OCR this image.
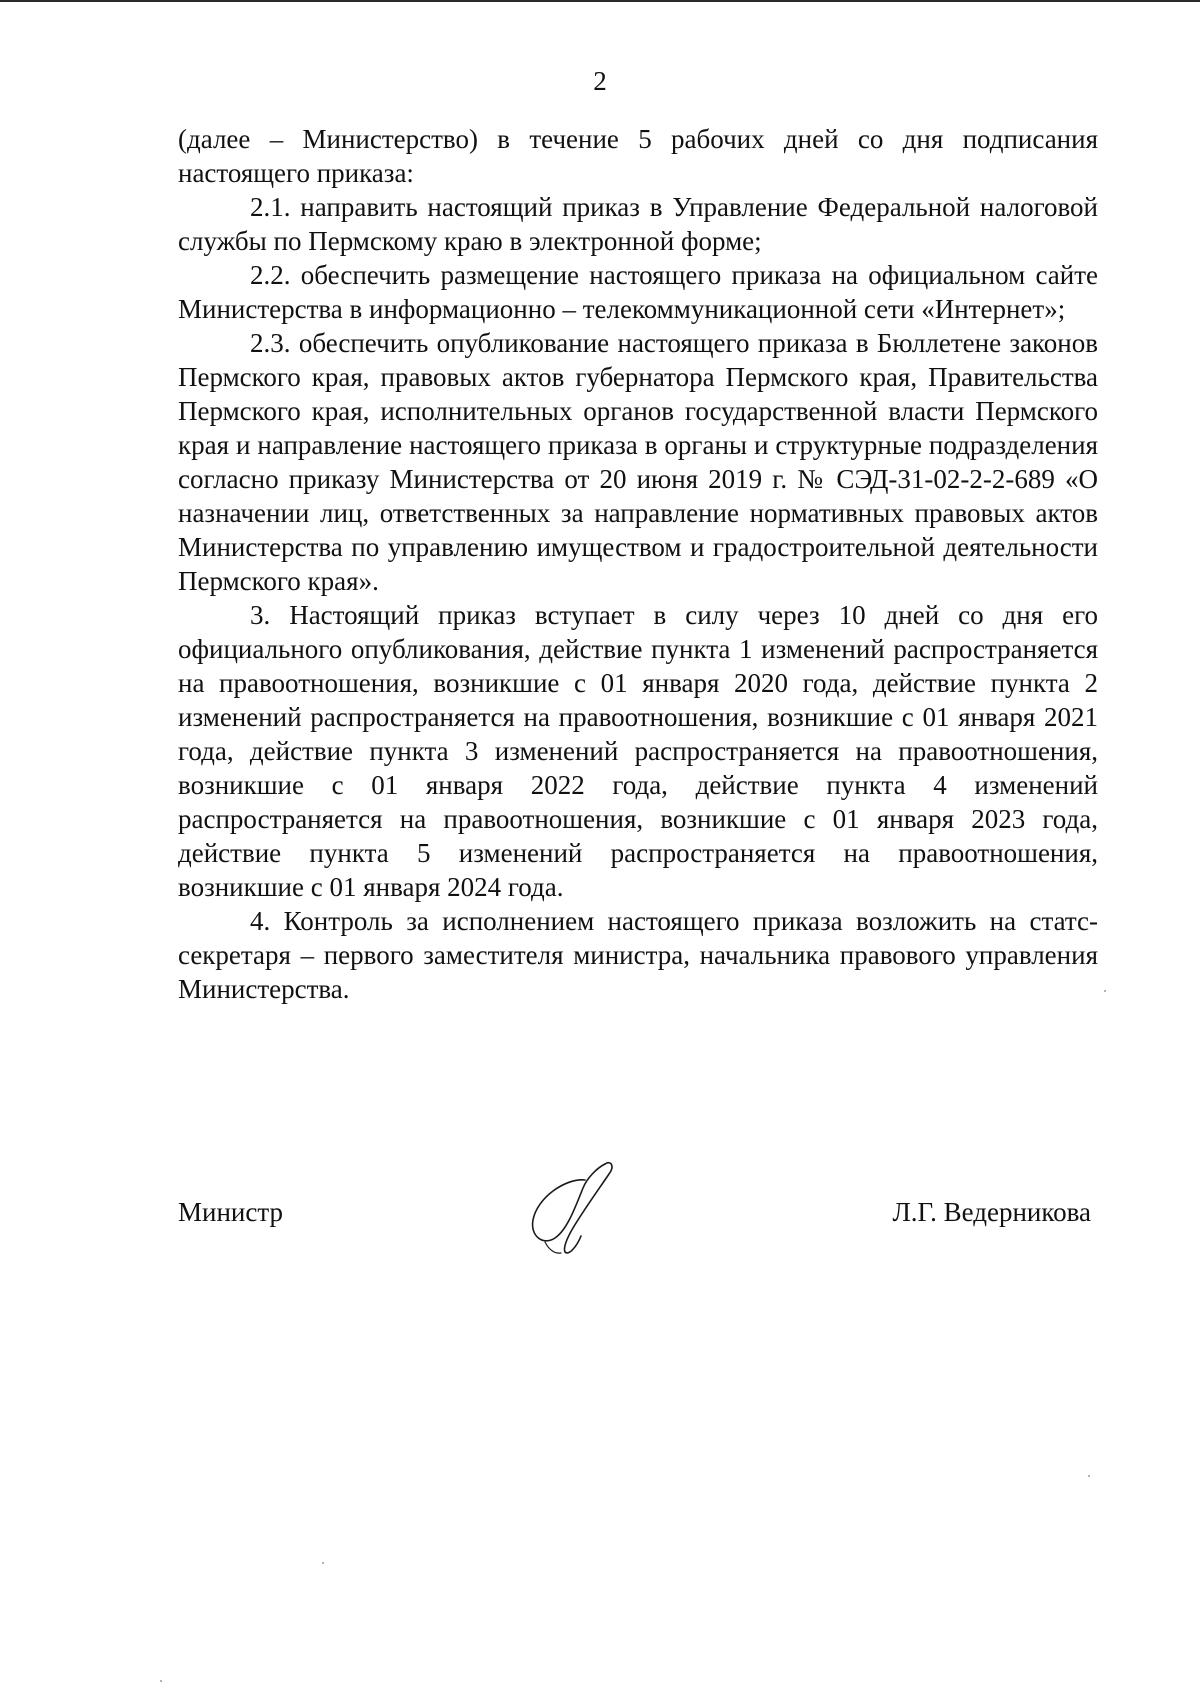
2

(далее – Министерство) в течение 5 рабочих дней со дня подписания настоящего приказа:

2.1. направить настоящий приказ в Управление Федеральной налоговой службы по Пермскому краю в электронной форме;

2.2. обеспечить размещение настоящего приказа на официальном сайте Министерства в информационно – телекоммуникационной сети «Интернет»;

2.3. обеспечить опубликование настоящего приказа в Бюллетене законов Пермского края, правовых актов губернатора Пермского края, Правительства Пермского края, исполнительных органов государственной власти Пермского края и направление настоящего приказа в органы и структурные подразделения согласно приказу Министерства от 20 июня 2019 г. № СЭД-31-02-2-2-689 «О назначении лиц, ответственных за направление нормативных правовых актов Министерства по управлению имуществом и градостроительной деятельности Пермского края».

3. Настоящий приказ вступает в силу через 10 дней со дня его официального опубликования, действие пункта 1 изменений распространяется на правоотношения, возникшие с 01 января 2020 года, действие пункта 2 изменений распространяется на правоотношения, возникшие с 01 января 2021 года, действие пункта 3 изменений распространяется на правоотношения, возникшие с 01 января 2022 года, действие пункта 4 изменений распространяется на правоотношения, возникшие с 01 января 2023 года, действие пункта 5 изменений распространяется на правоотношения, возникшие с 01 января 2024 года.

4. Контроль за исполнением настоящего приказа возложить на статс-секретаря – первого заместителя министра, начальника правового управления Министерства.

Министр	Л.Г. Ведерникова
